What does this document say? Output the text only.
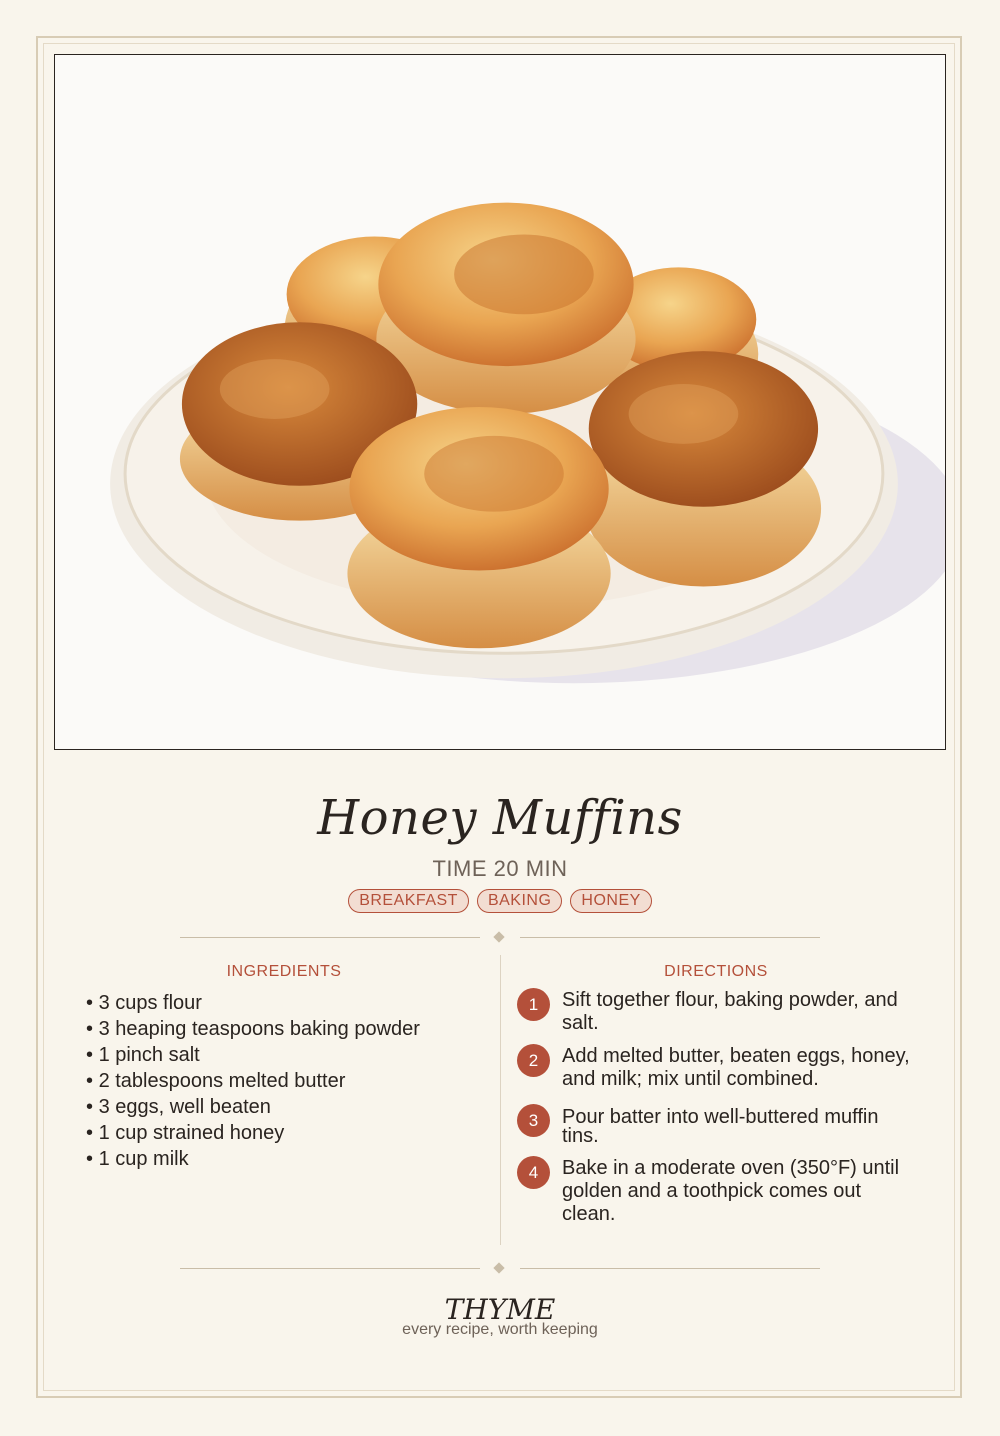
Honey Muffins
TIME 20 MIN
BREAKFAST	BAKING	HONEY
INGREDIENTS
• 3 cups flour
• 3 heaping teaspoons baking powder
• 1 pinch salt
• 2 tablespoons melted butter
• 3 eggs, well beaten
• 1 cup strained honey
• 1 cup milk
DIRECTIONS
1	Sift together flour, baking powder, and salt.
2	Add melted butter, beaten eggs, honey, and milk; mix until combined.
3	Pour batter into well-buttered muffin tins.
4	Bake in a moderate oven (350°F) until golden and a toothpick comes out clean.
THYME
every recipe, worth keeping
